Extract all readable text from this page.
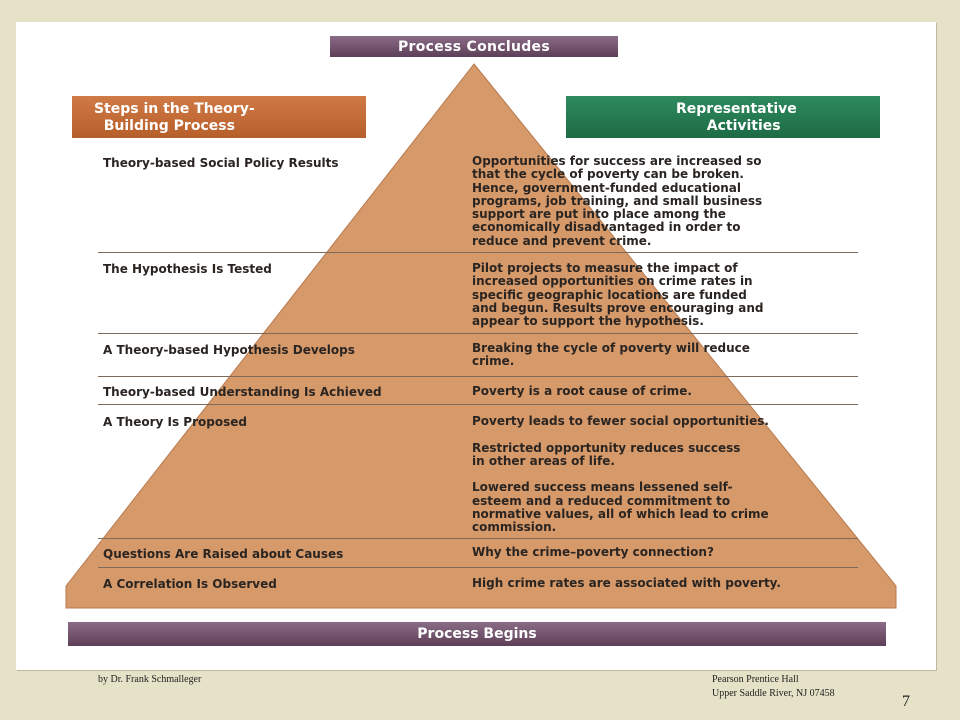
Process Concludes
Steps in the Theory-
Building Process
Representative
Activities
Theory-based Social Policy Results	Opportunities for success are increased so
that the cycle of poverty can be broken.
Hence, government-funded educational
programs, job training, and small business
support are put into place among the
economically disadvantaged in order to
reduce and prevent crime.
The Hypothesis Is Tested	Pilot projects to measure the impact of
increased opportunities on crime rates in
specific geographic locations are funded
and begun. Results prove encouraging and
appear to support the hypothesis.
A Theory-based Hypothesis Develops	Breaking the cycle of poverty will reduce
crime.
Theory-based Understanding Is Achieved	Poverty is a root cause of crime.
A Theory Is Proposed	Poverty leads to fewer social opportunities.

Restricted opportunity reduces success
in other areas of life.

Lowered success means lessened self-
esteem and a reduced commitment to
normative values, all of which lead to crime
commission.
Questions Are Raised about Causes	Why the crime–poverty connection?
A Correlation Is Observed	High crime rates are associated with poverty.
Process Begins
by Dr. Frank Schmalleger	Pearson Prentice Hall
Upper Saddle River, NJ 07458	7
